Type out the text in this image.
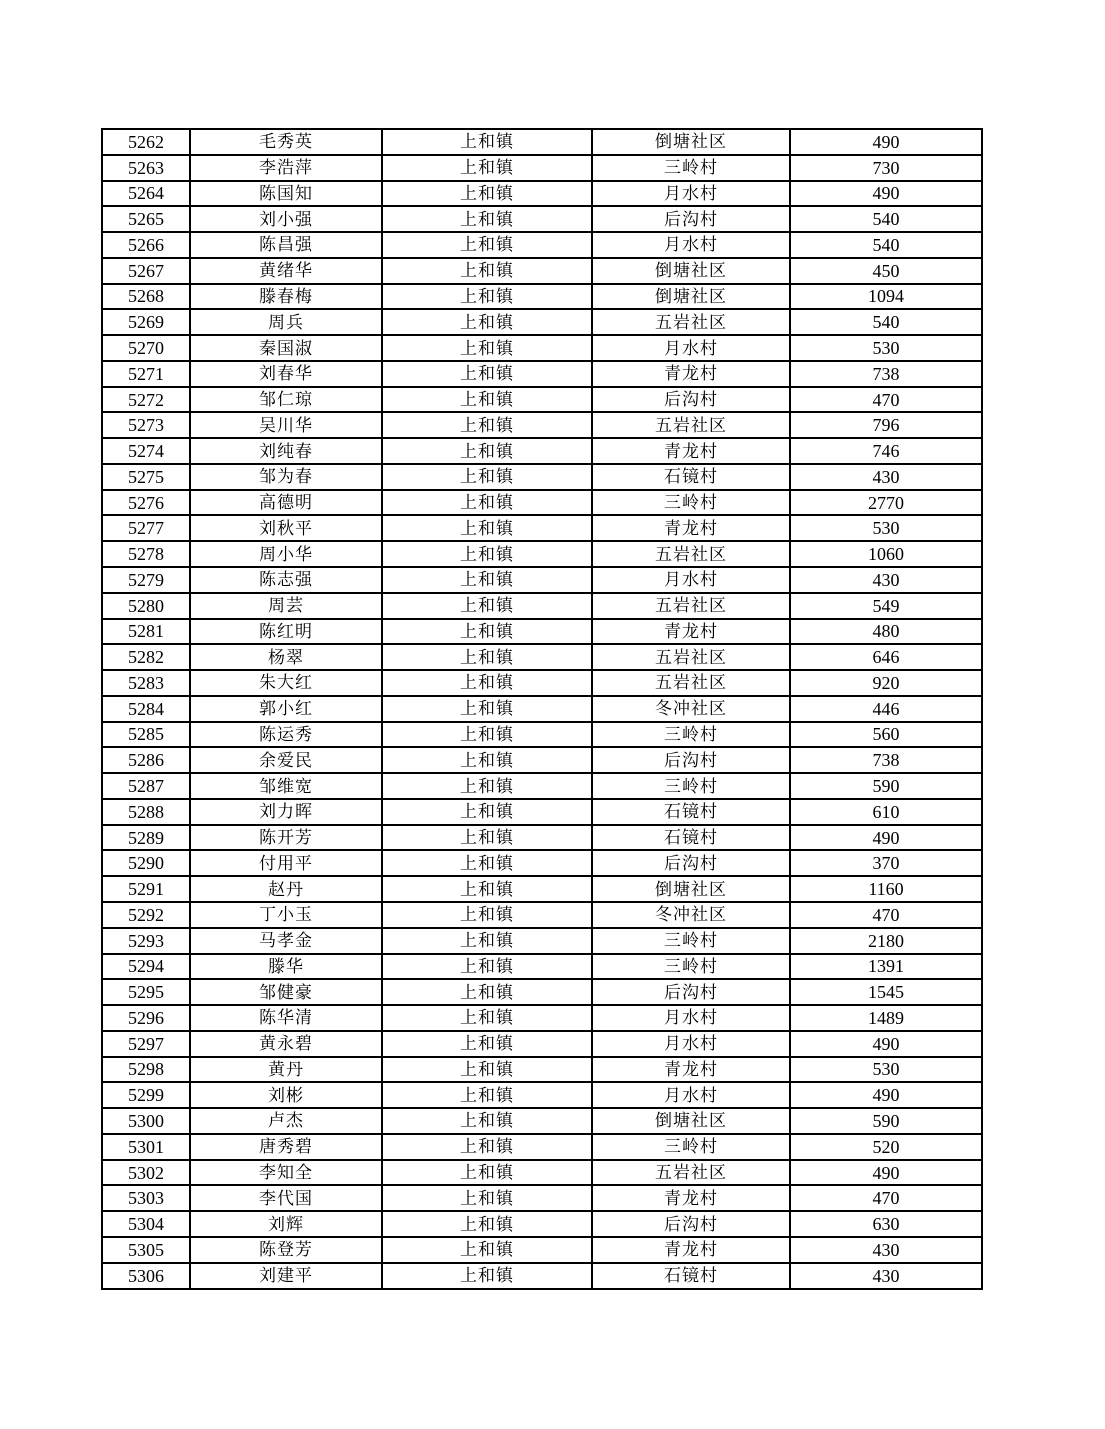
5262	毛秀英	上和镇	倒塘社区	490
5263	李浩萍	上和镇	三岭村	730
5264	陈国知	上和镇	月水村	490
5265	刘小强	上和镇	后沟村	540
5266	陈昌强	上和镇	月水村	540
5267	黄绪华	上和镇	倒塘社区	450
5268	滕春梅	上和镇	倒塘社区	1094
5269	周兵	上和镇	五岩社区	540
5270	秦国淑	上和镇	月水村	530
5271	刘春华	上和镇	青龙村	738
5272	邹仁琼	上和镇	后沟村	470
5273	吴川华	上和镇	五岩社区	796
5274	刘纯春	上和镇	青龙村	746
5275	邹为春	上和镇	石镜村	430
5276	高德明	上和镇	三岭村	2770
5277	刘秋平	上和镇	青龙村	530
5278	周小华	上和镇	五岩社区	1060
5279	陈志强	上和镇	月水村	430
5280	周芸	上和镇	五岩社区	549
5281	陈红明	上和镇	青龙村	480
5282	杨翠	上和镇	五岩社区	646
5283	朱大红	上和镇	五岩社区	920
5284	郭小红	上和镇	冬冲社区	446
5285	陈运秀	上和镇	三岭村	560
5286	余爱民	上和镇	后沟村	738
5287	邹维宽	上和镇	三岭村	590
5288	刘力晖	上和镇	石镜村	610
5289	陈开芳	上和镇	石镜村	490
5290	付用平	上和镇	后沟村	370
5291	赵丹	上和镇	倒塘社区	1160
5292	丁小玉	上和镇	冬冲社区	470
5293	马孝金	上和镇	三岭村	2180
5294	滕华	上和镇	三岭村	1391
5295	邹健豪	上和镇	后沟村	1545
5296	陈华清	上和镇	月水村	1489
5297	黄永碧	上和镇	月水村	490
5298	黄丹	上和镇	青龙村	530
5299	刘彬	上和镇	月水村	490
5300	卢杰	上和镇	倒塘社区	590
5301	唐秀碧	上和镇	三岭村	520
5302	李知全	上和镇	五岩社区	490
5303	李代国	上和镇	青龙村	470
5304	刘辉	上和镇	后沟村	630
5305	陈登芳	上和镇	青龙村	430
5306	刘建平	上和镇	石镜村	430
